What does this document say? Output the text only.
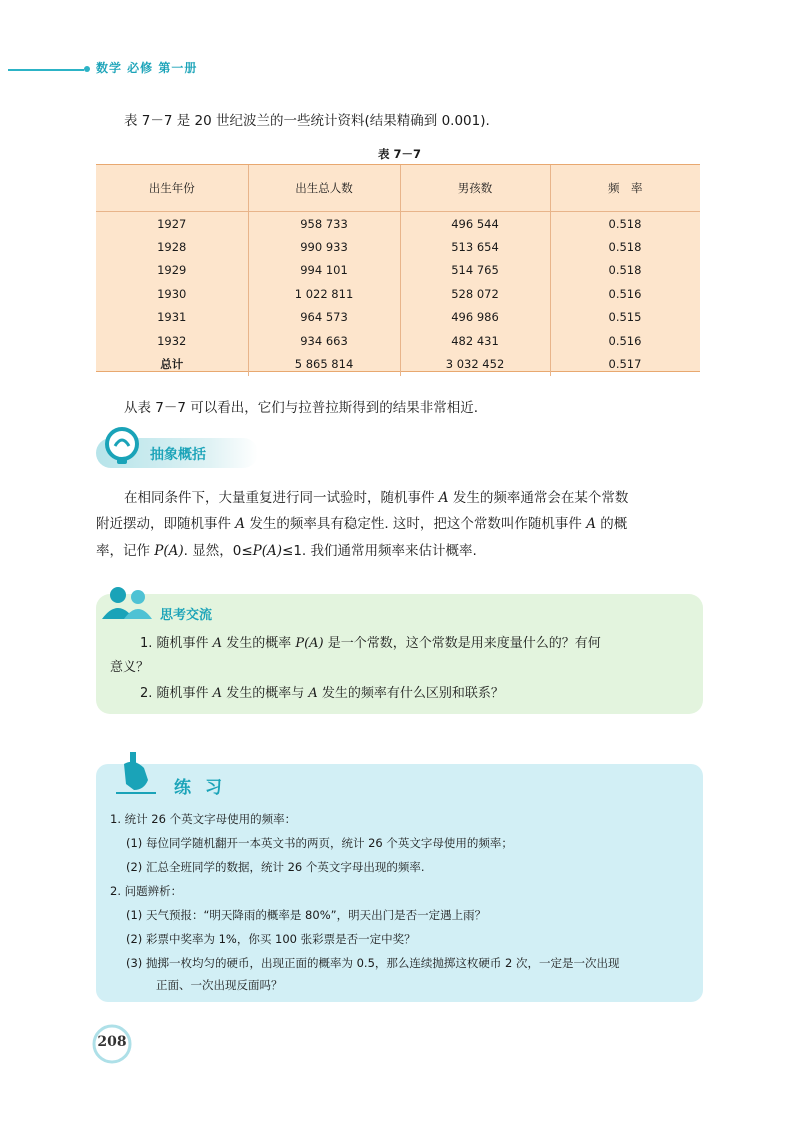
数学 必修 第一册
表 7－7 是 20 世纪波兰的一些统计资料(结果精确到 0.001).
表 7－7
出生年份	出生总人数	男孩数	频　率
1927	958 733	496 544	0.518
1928	990 933	513 654	0.518
1929	994 101	514 765	0.518
1930	1 022 811	528 072	0.516
1931	964 573	496 986	0.515
1932	934 663	482 431	0.516
总计	5 865 814	3 032 452	0.517
从表 7－7 可以看出，它们与拉普拉斯得到的结果非常相近.
抽象概括
在相同条件下，大量重复进行同一试验时，随机事件 A 发生的频率通常会在某个常数
附近摆动，即随机事件 A 发生的频率具有稳定性. 这时，把这个常数叫作随机事件 A 的概
率，记作 P(A). 显然，0≤P(A)≤1. 我们通常用频率来估计概率.
思考交流
1. 随机事件 A 发生的概率 P(A) 是一个常数，这个常数是用来度量什么的？有何
意义？
2. 随机事件 A 发生的概率与 A 发生的频率有什么区别和联系？
练习
1. 统计 26 个英文字母使用的频率：
(1) 每位同学随机翻开一本英文书的两页，统计 26 个英文字母使用的频率；
(2) 汇总全班同学的数据，统计 26 个英文字母出现的频率.
2. 问题辨析：
(1) 天气预报：“明天降雨的概率是 80%”，明天出门是否一定遇上雨？
(2) 彩票中奖率为 1%，你买 100 张彩票是否一定中奖？
(3) 抛掷一枚均匀的硬币，出现正面的概率为 0.5，那么连续抛掷这枚硬币 2 次，一定是一次出现
正面、一次出现反面吗？
208
